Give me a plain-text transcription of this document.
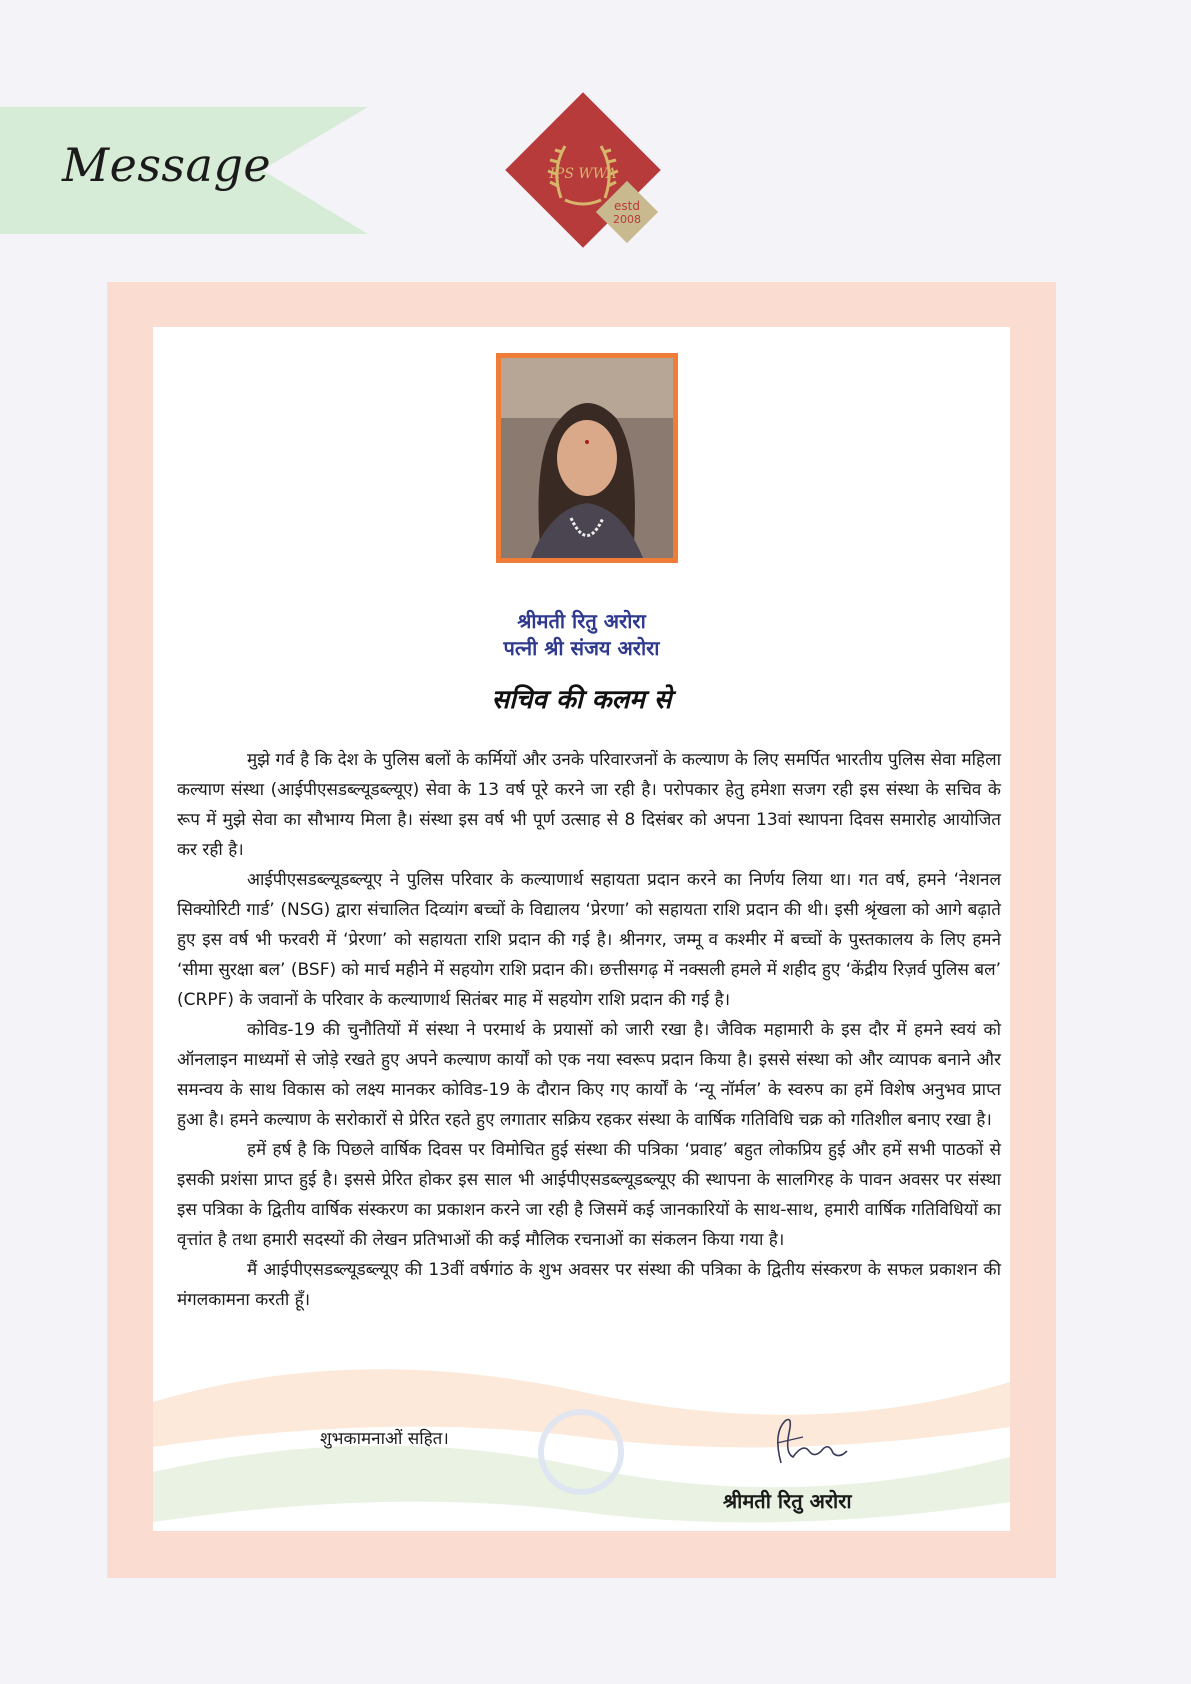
Message	IPS WWA
estd
2008
श्रीमती रितु अरोरा
पत्नी श्री संजय अरोरा
सचिव की कलम से

मुझे गर्व है कि देश के पुलिस बलों के कर्मियों और उनके परिवारजनों के कल्याण के लिए समर्पित भारतीय पुलिस सेवा महिला कल्याण संस्था (आईपीएसडब्ल्यूडब्ल्यूए) सेवा के 13 वर्ष पूरे करने जा रही है। परोपकार हेतु हमेशा सजग रही इस संस्था के सचिव के रूप में मुझे सेवा का सौभाग्य मिला है। संस्था इस वर्ष भी पूर्ण उत्साह से 8 दिसंबर को अपना 13वां स्थापना दिवस समारोह आयोजित कर रही है।

आईपीएसडब्ल्यूडब्ल्यूए ने पुलिस परिवार के कल्याणार्थ सहायता प्रदान करने का निर्णय लिया था। गत वर्ष, हमने ‘नेशनल सिक्योरिटी गार्ड’ (NSG) द्वारा संचालित दिव्यांग बच्चों के विद्यालय ‘प्रेरणा’ को सहायता राशि प्रदान की थी। इसी श्रृंखला को आगे बढ़ाते हुए इस वर्ष भी फरवरी में ‘प्रेरणा’ को सहायता राशि प्रदान की गई है। श्रीनगर, जम्मू व कश्मीर में बच्चों के पुस्तकालय के लिए हमने ‘सीमा सुरक्षा बल’ (BSF) को मार्च महीने में सहयोग राशि प्रदान की। छत्तीसगढ़ में नक्सली हमले में शहीद हुए ‘केंद्रीय रिज़र्व पुलिस बल’ (CRPF) के जवानों के परिवार के कल्याणार्थ सितंबर माह में सहयोग राशि प्रदान की गई है।

कोविड-19 की चुनौतियों में संस्था ने परमार्थ के प्रयासों को जारी रखा है। जैविक महामारी के इस दौर में हमने स्वयं को ऑनलाइन माध्यमों से जोड़े रखते हुए अपने कल्याण कार्यों को एक नया स्वरूप प्रदान किया है। इससे संस्था को और व्यापक बनाने और समन्वय के साथ विकास को लक्ष्य मानकर कोविड-19 के दौरान किए गए कार्यों के ‘न्यू नॉर्मल’ के स्वरुप का हमें विशेष अनुभव प्राप्त हुआ है। हमने कल्याण के सरोकारों से प्रेरित रहते हुए लगातार सक्रिय रहकर संस्था के वार्षिक गतिविधि चक्र को गतिशील बनाए रखा है।

हमें हर्ष है कि पिछले वार्षिक दिवस पर विमोचित हुई संस्था की पत्रिका ‘प्रवाह’ बहुत लोकप्रिय हुई और हमें सभी पाठकों से इसकी प्रशंसा प्राप्त हुई है। इससे प्रेरित होकर इस साल भी आईपीएसडब्ल्यूडब्ल्यूए की स्थापना के सालगिरह के पावन अवसर पर संस्था इस पत्रिका के द्वितीय वार्षिक संस्करण का प्रकाशन करने जा रही है जिसमें कई जानकारियों के साथ-साथ, हमारी वार्षिक गतिविधियों का वृत्तांत है तथा हमारी सदस्यों की लेखन प्रतिभाओं की कई मौलिक रचनाओं का संकलन किया गया है।

मैं आईपीएसडब्ल्यूडब्ल्यूए की 13वीं वर्षगांठ के शुभ अवसर पर संस्था की पत्रिका के द्वितीय संस्करण के सफल प्रकाशन की मंगलकामना करती हूँ।

शुभकामनाओं सहित।
श्रीमती रितु अरोरा
